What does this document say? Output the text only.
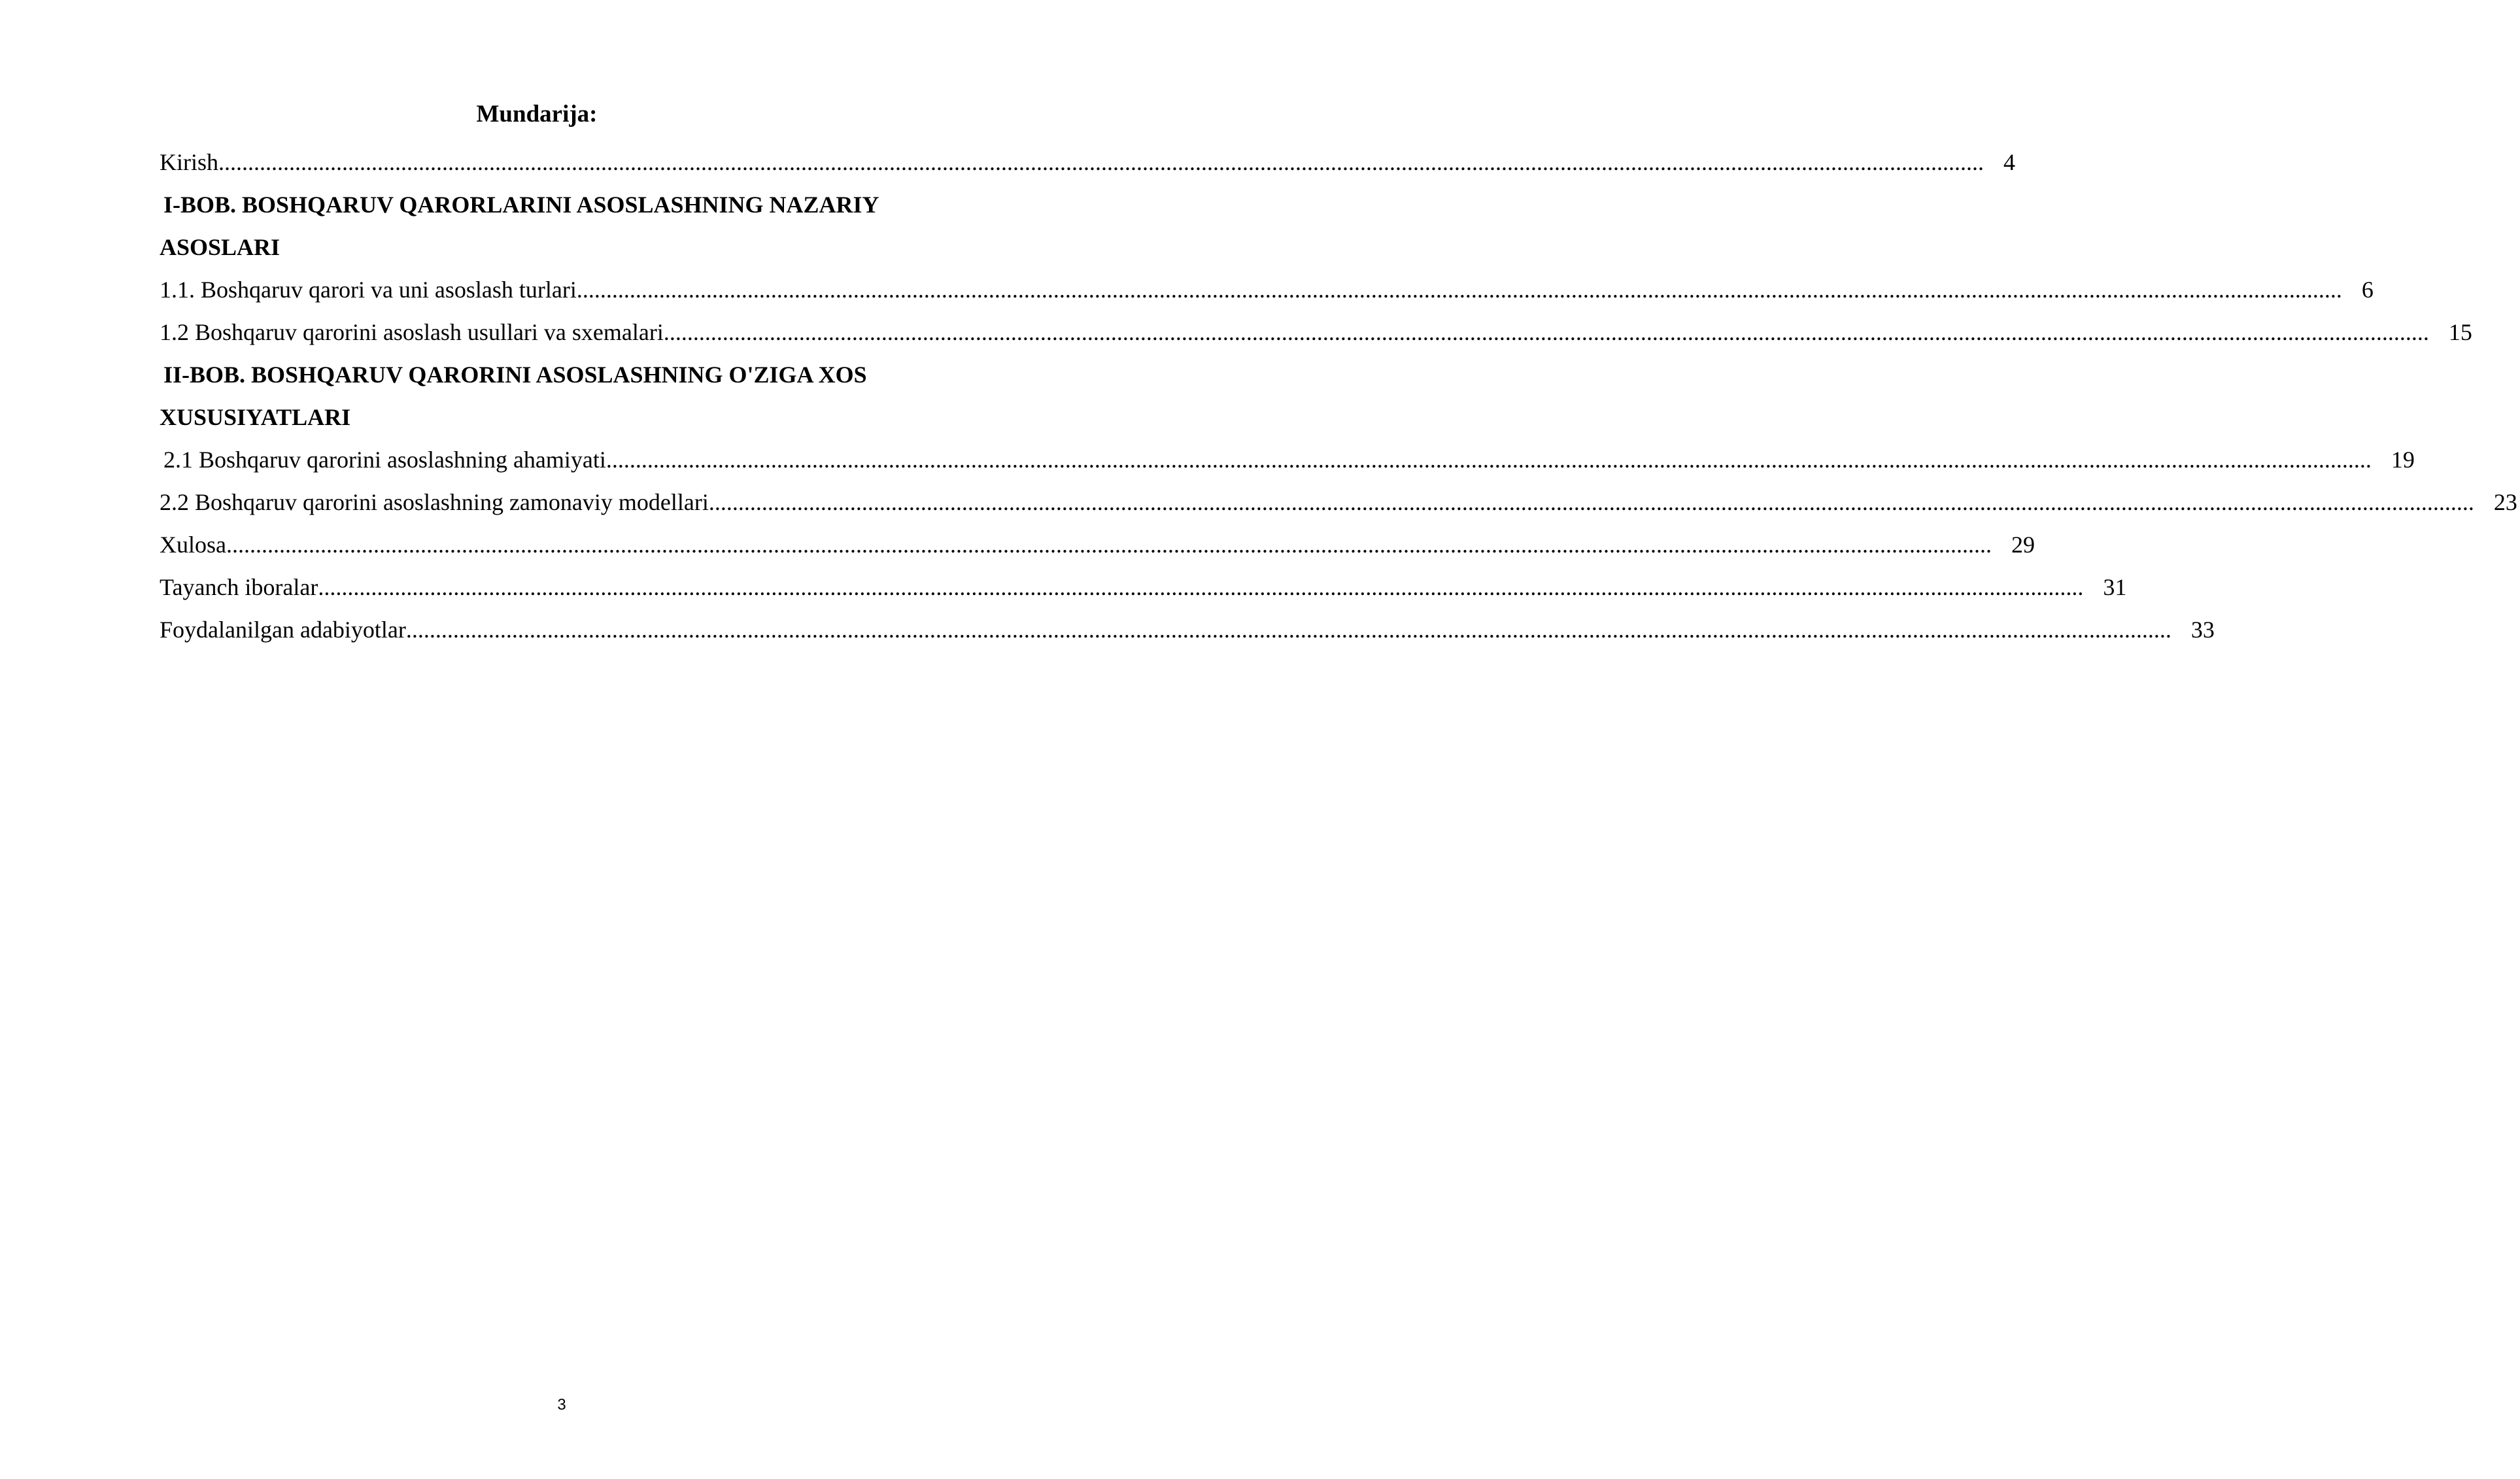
Mundarija:
Kirish ............................................................................................................................................................................................................................................................................................................ 4
I-BOB. BOSHQARUV QARORLARINI ASOSLASHNING NAZARIY
ASOSLARI
1.1. Boshqaruv qarori va uni asoslash turlari ............................................................................................................................................................................................................................................................................................................ 6
1.2 Boshqaruv qarorini asoslash usullari va sxemalari ............................................................................................................................................................................................................................................................................................................ 15
II-BOB. BOSHQARUV QARORINI ASOSLASHNING O'ZIGA XOS
XUSUSIYATLARI
2.1 Boshqaruv qarorini asoslashning ahamiyati ............................................................................................................................................................................................................................................................................................................ 19
2.2 Boshqaruv qarorini asoslashning zamonaviy modellari ............................................................................................................................................................................................................................................................................................................ 23
Xulosa ............................................................................................................................................................................................................................................................................................................ 29
Tayanch iboralar ............................................................................................................................................................................................................................................................................................................ 31
Foydalanilgan adabiyotlar ............................................................................................................................................................................................................................................................................................................ 33
3
